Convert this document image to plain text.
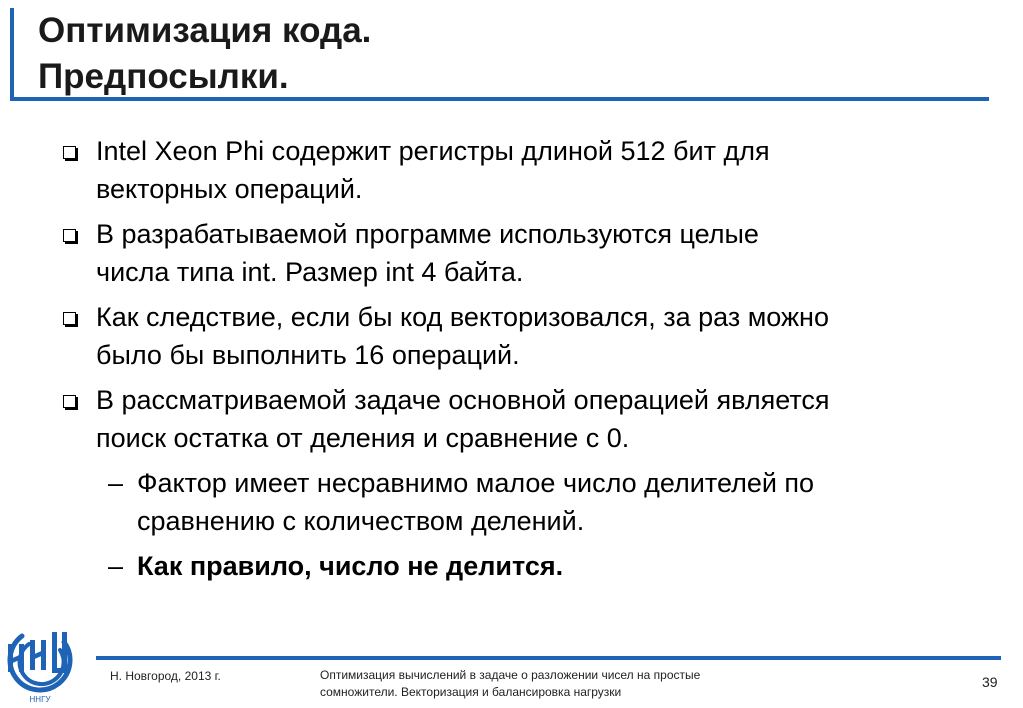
Оптимизация кода.
Предпосылки.
Intel Xeon Phi содержит регистры длиной 512 бит для
векторных операций.
В разрабатываемой программе используются целые
числа типа int. Размер int 4 байта.
Как следствие, если бы код векторизовался, за раз можно
было бы выполнить 16 операций.
В рассматриваемой задаче основной операцией является
поиск остатка от деления и сравнение с 0.
– Фактор имеет несравнимо малое число делителей по
сравнению с количеством делений.
– Как правило, число не делится.
ННГУ
Н. Новгород, 2013 г.	Оптимизация вычислений в задаче о разложении чисел на простые
сомножители. Векторизация и балансировка нагрузки
39
